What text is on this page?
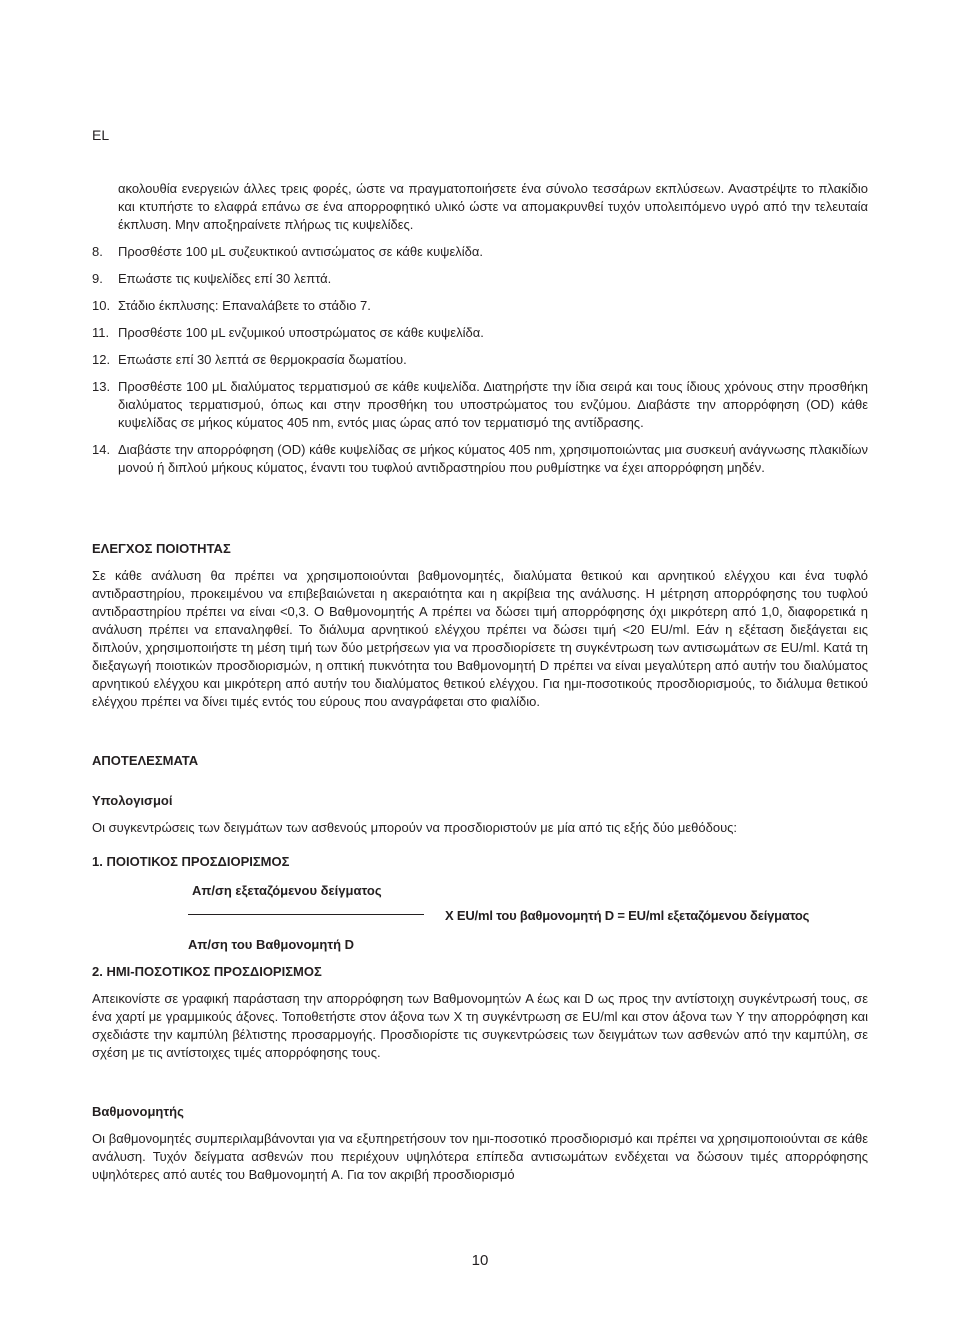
EL
ακολουθία ενεργειών άλλες τρεις φορές, ώστε να πραγματοποιήσετε ένα σύνολο τεσσάρων εκπλύσεων. Αναστρέψτε το πλακίδιο και κτυπήστε το ελαφρά επάνω σε ένα απορροφητικό υλικό ώστε να απομακρυνθεί τυχόν υπολειπόμενο υγρό από την τελευταία έκπλυση. Μην αποξηραίνετε πλήρως τις κυψελίδες.
8. Προσθέστε 100 μL συζευκτικού αντισώματος σε κάθε κυψελίδα.
9. Επωάστε τις κυψελίδες επί 30 λεπτά.
10. Στάδιο έκπλυσης: Επαναλάβετε το στάδιο 7.
11. Προσθέστε 100 μL ενζυμικού υποστρώματος σε κάθε κυψελίδα.
12. Επωάστε επί 30 λεπτά σε θερμοκρασία δωματίου.
13. Προσθέστε 100 μL διαλύματος τερματισμού σε κάθε κυψελίδα. Διατηρήστε την ίδια σειρά και τους ίδιους χρόνους στην προσθήκη διαλύματος τερματισμού, όπως και στην προσθήκη του υποστρώματος του ενζύμου. Διαβάστε την απορρόφηση (OD) κάθε κυψελίδας σε μήκος κύματος 405 nm, εντός μιας ώρας από τον τερματισμό της αντίδρασης.
14. Διαβάστε την απορρόφηση (OD) κάθε κυψελίδας σε μήκος κύματος 405 nm, χρησιμοποιώντας μια συσκευή ανάγνωσης πλακιδίων μονού ή διπλού μήκους κύματος, έναντι του τυφλού αντιδραστηρίου που ρυθμίστηκε να έχει απορρόφηση μηδέν.
ΕΛΕΓΧΟΣ ΠΟΙΟΤΗΤΑΣ

Σε κάθε ανάλυση θα πρέπει να χρησιμοποιούνται βαθμονομητές, διαλύματα θετικού και αρνητικού ελέγχου και ένα τυφλό αντιδραστηρίου, προκειμένου να επιβεβαιώνεται η ακεραιότητα και η ακρίβεια της ανάλυσης. Η μέτρηση απορρόφησης του τυφλού αντιδραστηρίου πρέπει να είναι <0,3. Ο Βαθμονομητής A πρέπει να δώσει τιμή απορρόφησης όχι μικρότερη από 1,0, διαφορετικά η ανάλυση πρέπει να επαναληφθεί. Το διάλυμα αρνητικού ελέγχου πρέπει να δώσει τιμή <20 EU/ml. Εάν η εξέταση διεξάγεται εις διπλούν, χρησιμοποιήστε τη μέση τιμή των δύο μετρήσεων για να προσδιορίσετε τη συγκέντρωση των αντισωμάτων σε EU/ml. Κατά τη διεξαγωγή ποιοτικών προσδιορισμών, η οπτική πυκνότητα του Βαθμονομητή D πρέπει να είναι μεγαλύτερη από αυτήν του διαλύματος αρνητικού ελέγχου και μικρότερη από αυτήν του διαλύματος θετικού ελέγχου. Για ημι-ποσοτικούς προσδιορισμούς, το διάλυμα θετικού ελέγχου πρέπει να δίνει τιμές εντός του εύρους που αναγράφεται στο φιαλίδιο.

ΑΠΟΤΕΛΕΣΜΑΤΑ
Υπολογισμοί

Οι συγκεντρώσεις των δειγμάτων των ασθενούς μπορούν να προσδιοριστούν με μία από τις εξής δύο μεθόδους:

1. ΠΟΙΟΤΙΚΟΣ ΠΡΟΣΔΙΟΡΙΣΜΟΣ
Απ/ση εξεταζόμενου δείγματος
X EU/ml του βαθμονομητή D = EU/ml εξεταζόμενου δείγματος
Απ/ση του Βαθμονομητή D
2. ΗΜΙ-ΠΟΣΟΤΙΚΟΣ ΠΡΟΣΔΙΟΡΙΣΜΟΣ

Απεικονίστε σε γραφική παράσταση την απορρόφηση των Βαθμονομητών A έως και D ως προς την αντίστοιχη συγκέντρωσή τους, σε ένα χαρτί με γραμμικούς άξονες. Τοποθετήστε στον άξονα των X τη συγκέντρωση σε EU/ml και στον άξονα των Y την απορρόφηση και σχεδιάστε την καμπύλη βέλτιστης προσαρμογής. Προσδιορίστε τις συγκεντρώσεις των δειγμάτων των ασθενών από την καμπύλη, σε σχέση με τις αντίστοιχες τιμές απορρόφησης τους.

Βαθμονομητής

Οι βαθμονομητές συμπεριλαμβάνονται για να εξυπηρετήσουν τον ημι-ποσοτικό προσδιορισμό και πρέπει να χρησιμοποιούνται σε κάθε ανάλυση. Τυχόν δείγματα ασθενών που περιέχουν υψηλότερα επίπεδα αντισωμάτων ενδέχεται να δώσουν τιμές απορρόφησης υψηλότερες από αυτές του Βαθμονομητή A. Για τον ακριβή προσδιορισμό

10
